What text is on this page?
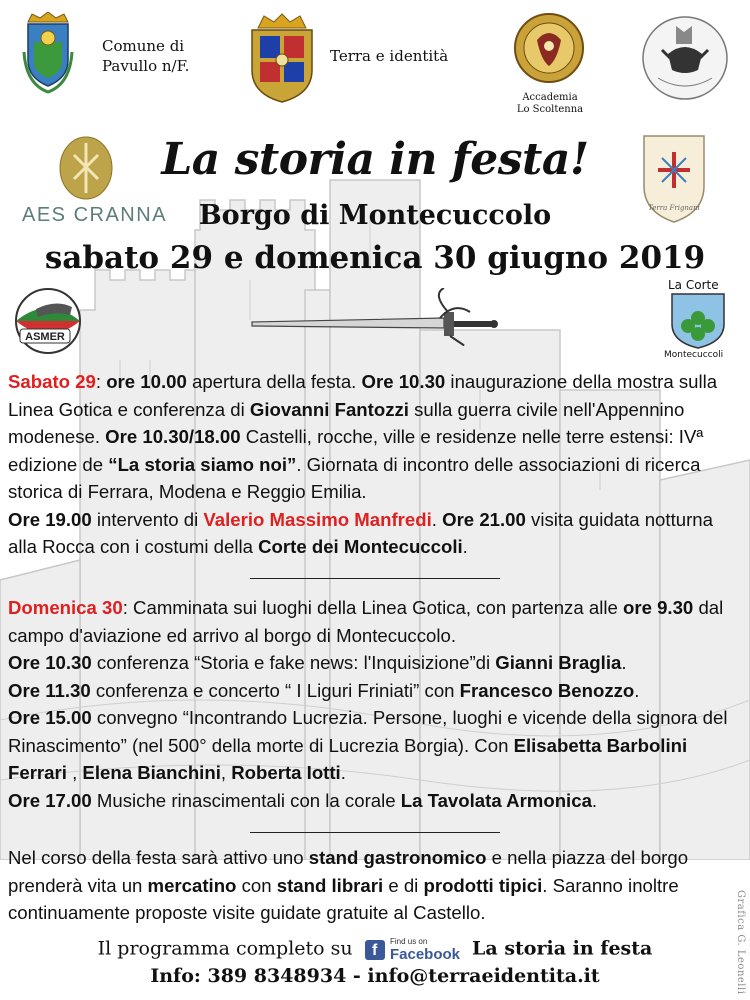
Comune di
Pavullo n/F.
Terra e identità
Accademia
Lo Scoltenna
AES CRANNA	Terra Frignani
La storia in festa!
Borgo di Montecuccolo
sabato 29 e domenica 30 giugno 2019
ASMER
La Corte
Montecuccoli

Sabato 29: ore 10.00 apertura della festa. Ore 10.30 inaugurazione della mostra sulla Linea Gotica e conferenza di Giovanni Fantozzi sulla guerra civile nell'Appennino modenese. Ore 10.30/18.00 Castelli, rocche, ville e residenze nelle terre estensi: IVª edizione de “La storia siamo noi”. Giornata di incontro delle associazioni di ricerca storica di Ferrara, Modena e Reggio Emilia.

Ore 19.00 intervento di Valerio Massimo Manfredi. Ore 21.00 visita guidata notturna alla Rocca con i costumi della Corte dei Montecuccoli.

Domenica 30: Camminata sui luoghi della Linea Gotica, con partenza alle ore 9.30 dal campo d'aviazione ed arrivo al borgo di Montecuccolo.

Ore 10.30 conferenza “Storia e fake news: l'Inquisizione”di Gianni Braglia.

Ore 11.30 conferenza e concerto “ I Liguri Friniati” con Francesco Benozzo.

Ore 15.00 convegno “Incontrando Lucrezia. Persone, luoghi e vicende della signora del Rinascimento” (nel 500° della morte di Lucrezia Borgia). Con Elisabetta Barbolini Ferrari , Elena Bianchini, Roberta Iotti.

Ore 17.00 Musiche rinascimentali con la corale La Tavolata Armonica.

Nel corso della festa sarà attivo uno stand gastronomico e nella piazza del borgo prenderà vita un mercatino con stand librari e di prodotti tipici. Saranno inoltre continuamente proposte visite guidate gratuite al Castello.

Il programma completo su f Find us on
Facebook La storia in festa
Info: 389 8348934 - info@terraeidentita.it	Grafica G. Leonelli
